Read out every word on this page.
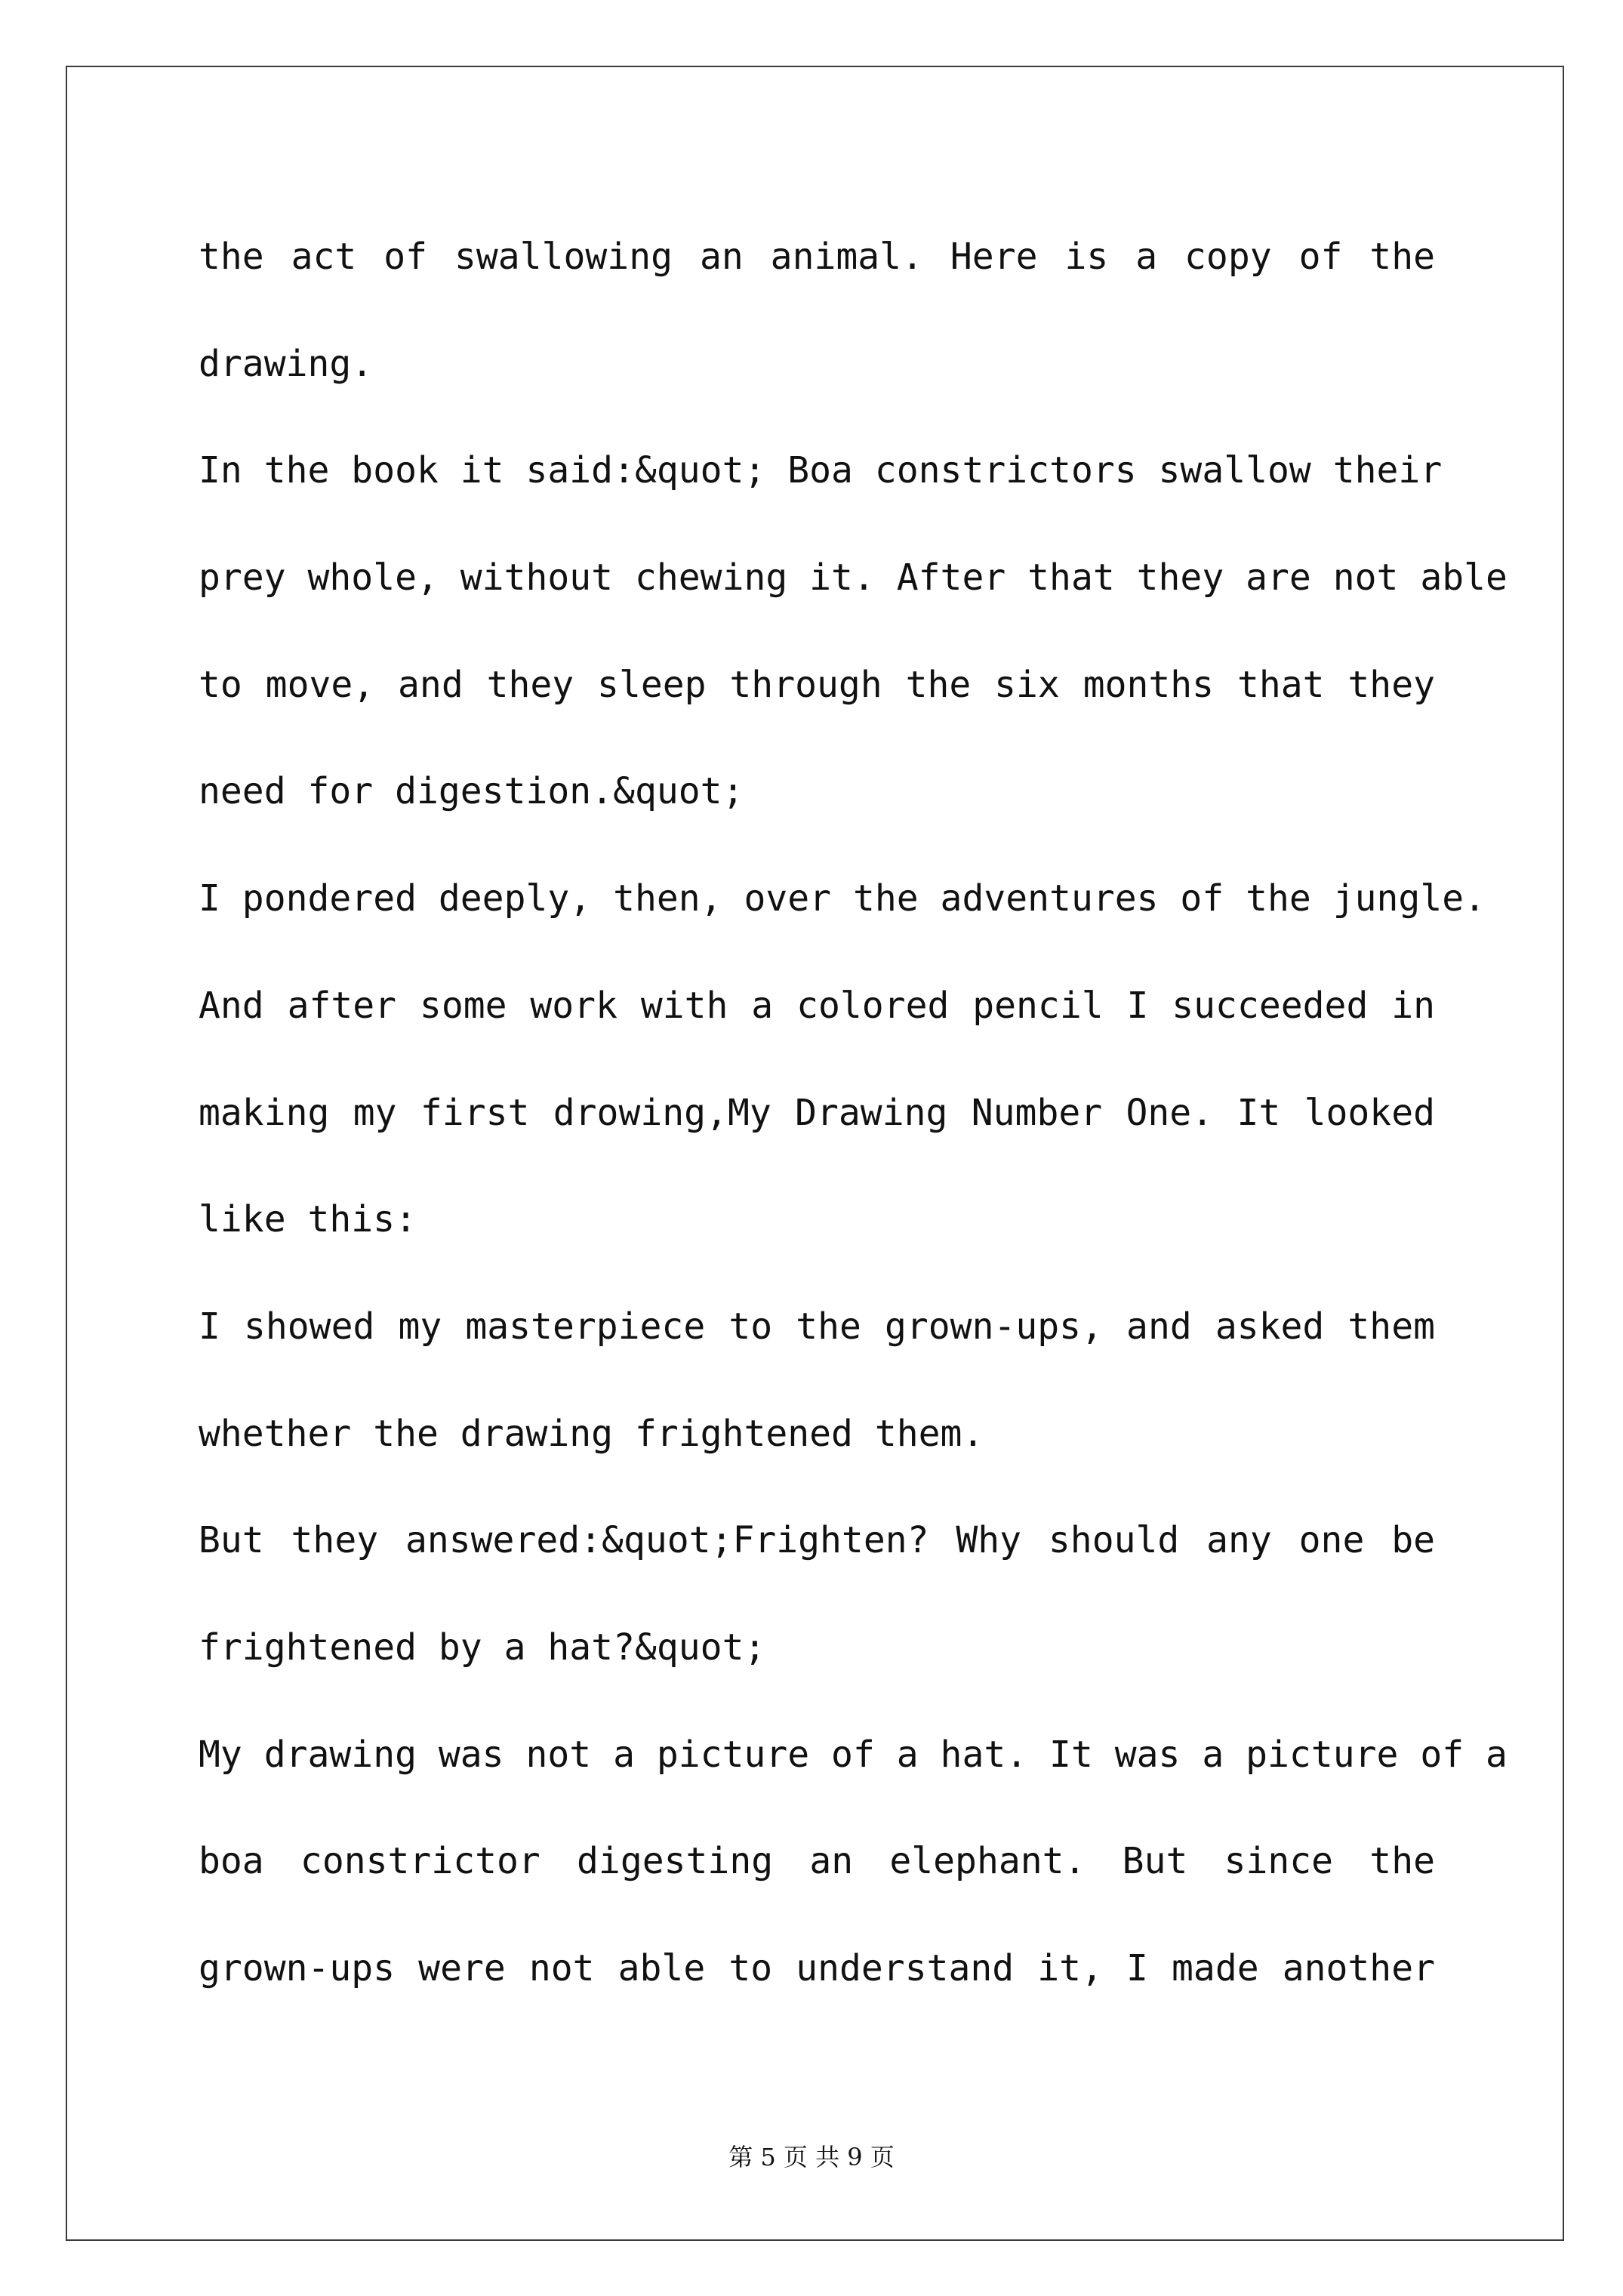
the act of swallowing an animal. Here is a copy of the
drawing.
In the book it said:&quot; Boa constrictors swallow their
prey whole, without chewing it. After that they are not able
to move, and they sleep through the six months that they
need for digestion.&quot;
I pondered deeply, then, over the adventures of the jungle.
And after some work with a colored pencil I succeeded in
making my first drowing,My Drawing Number One. It looked
like this:
I showed my masterpiece to the grown-ups, and asked them
whether the drawing frightened them.
But they answered:&quot;Frighten? Why should any one be
frightened by a hat?&quot;
My drawing was not a picture of a hat. It was a picture of a
boa constrictor digesting an elephant. But since the
grown-ups were not able to understand it, I made another
第 5 页 共 9 页
